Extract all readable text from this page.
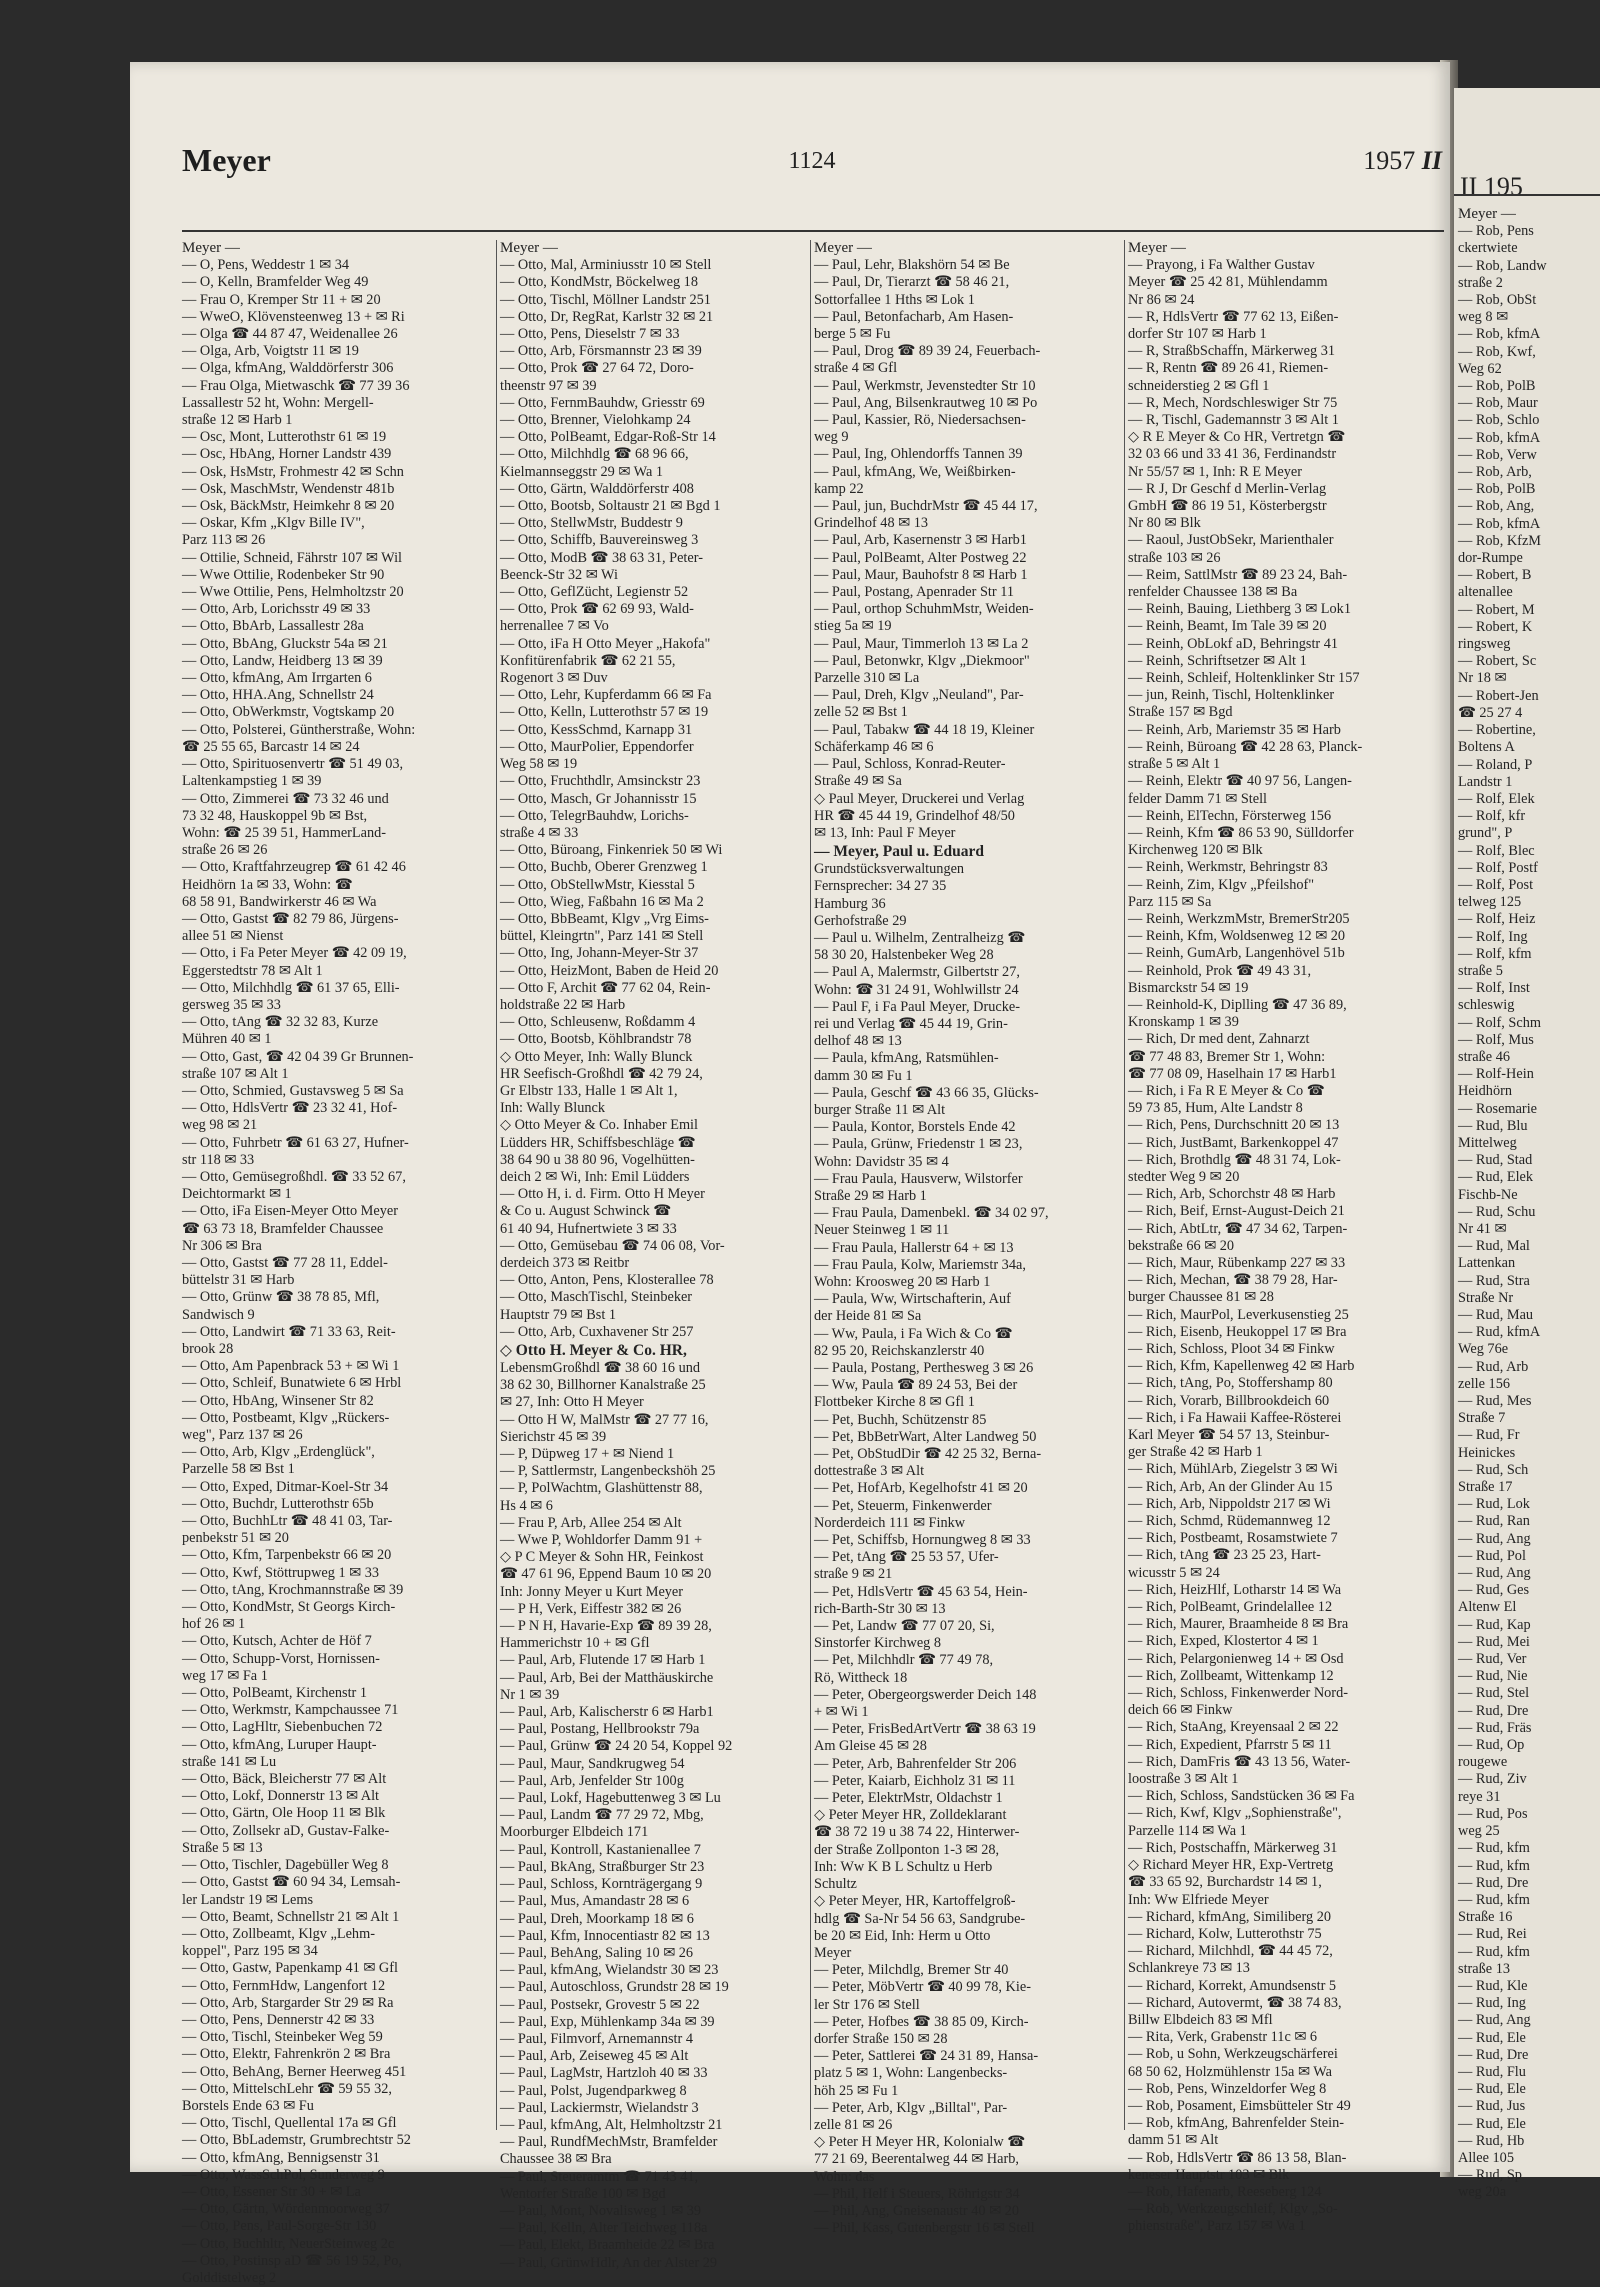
Meyer	1124	1957 II
Meyer —
— O, Pens, Weddestr 1 ✉ 34
— O, Kelln, Bramfelder Weg 49
— Frau O, Kremper Str 11 + ✉ 20
— WweO, Klövensteenweg 13 + ✉ Ri
— Olga ☎ 44 87 47, Weidenallee 26
— Olga, Arb, Voigtstr 11 ✉ 19
— Olga, kfmAng, Walddörferstr 306
— Frau Olga, Mietwaschk ☎ 77 39 36
Lassallestr 52 ht, Wohn: Mergell-
straße 12 ✉ Harb 1
— Osc, Mont, Lutterothstr 61 ✉ 19
— Osc, HbAng, Horner Landstr 439
— Osk, HsMstr, Frohmestr 42 ✉ Schn
— Osk, MaschMstr, Wendenstr 481b
— Osk, BäckMstr, Heimkehr 8 ✉ 20
— Oskar, Kfm „Klgv Bille IV",
Parz 113 ✉ 26
— Ottilie, Schneid, Fährstr 107 ✉ Wil
— Wwe Ottilie, Rodenbeker Str 90
— Wwe Ottilie, Pens, Helmholtzstr 20
— Otto, Arb, Lorichsstr 49 ✉ 33
— Otto, BbArb, Lassallestr 28a
— Otto, BbAng, Gluckstr 54a ✉ 21
— Otto, Landw, Heidberg 13 ✉ 39
— Otto, kfmAng, Am Irrgarten 6
— Otto, HHA.Ang, Schnellstr 24
— Otto, ObWerkmstr, Vogtskamp 20
— Otto, Polsterei, Güntherstraße, Wohn:
☎ 25 55 65, Barcastr 14 ✉ 24
— Otto, Spirituosenvertr ☎ 51 49 03,
Laltenkampstieg 1 ✉ 39
— Otto, Zimmerei ☎ 73 32 46 und
73 32 48, Hauskoppel 9b ✉ Bst,
Wohn: ☎ 25 39 51, HammerLand-
straße 26 ✉ 26
— Otto, Kraftfahrzeugrep ☎ 61 42 46
Heidhörn 1a ✉ 33, Wohn: ☎
68 58 91, Bandwirkerstr 46 ✉ Wa
— Otto, Gastst ☎ 82 79 86, Jürgens-
allee 51 ✉ Nienst
— Otto, i Fa Peter Meyer ☎ 42 09 19,
Eggerstedtstr 78 ✉ Alt 1
— Otto, Milchhdlg ☎ 61 37 65, Elli-
gersweg 35 ✉ 33
— Otto, tAng ☎ 32 32 83, Kurze
Mühren 40 ✉ 1
— Otto, Gast, ☎ 42 04 39 Gr Brunnen-
straße 107 ✉ Alt 1
— Otto, Schmied, Gustavsweg 5 ✉ Sa
— Otto, HdlsVertr ☎ 23 32 41, Hof-
weg 98 ✉ 21
— Otto, Fuhrbetr ☎ 61 63 27, Hufner-
str 118 ✉ 33
— Otto, Gemüsegroßhdl. ☎ 33 52 67,
Deichtormarkt ✉ 1
— Otto, iFa Eisen-Meyer Otto Meyer
☎ 63 73 18, Bramfelder Chaussee
Nr 306 ✉ Bra
— Otto, Gastst ☎ 77 28 11, Eddel-
büttelstr 31 ✉ Harb
— Otto, Grünw ☎ 38 78 85, Mfl,
Sandwisch 9
— Otto, Landwirt ☎ 71 33 63, Reit-
brook 28
— Otto, Am Papenbrack 53 + ✉ Wi 1
— Otto, Schleif, Bunatwiete 6 ✉ Hrbl
— Otto, HbAng, Winsener Str 82
— Otto, Postbeamt, Klgv „Rückers-
weg", Parz 137 ✉ 26
— Otto, Arb, Klgv „Erdenglück",
Parzelle 58 ✉ Bst 1
— Otto, Exped, Ditmar-Koel-Str 34
— Otto, Buchdr, Lutterothstr 65b
— Otto, BuchhLtr ☎ 48 41 03, Tar-
penbekstr 51 ✉ 20
— Otto, Kfm, Tarpenbekstr 66 ✉ 20
— Otto, Kwf, Stöttrupweg 1 ✉ 33
— Otto, tAng, Krochmannstraße ✉ 39
— Otto, KondMstr, St Georgs Kirch-
hof 26 ✉ 1
— Otto, Kutsch, Achter de Höf 7
— Otto, Schupp-Vorst, Hornissen-
weg 17 ✉ Fa 1
— Otto, PolBeamt, Kirchenstr 1
— Otto, Werkmstr, Kampchaussee 71
— Otto, LagHltr, Siebenbuchen 72
— Otto, kfmAng, Luruper Haupt-
straße 141 ✉ Lu
— Otto, Bäck, Bleicherstr 77 ✉ Alt
— Otto, Lokf, Donnerstr 13 ✉ Alt
— Otto, Gärtn, Ole Hoop 11 ✉ Blk
— Otto, Zollsekr aD, Gustav-Falke-
Straße 5 ✉ 13
— Otto, Tischler, Dagebüller Weg 8
— Otto, Gastst ☎ 60 94 34, Lemsah-
ler Landstr 19 ✉ Lems
— Otto, Beamt, Schnellstr 21 ✉ Alt 1
— Otto, Zollbeamt, Klgv „Lehm-
koppel", Parz 195 ✉ 34
— Otto, Gastw, Papenkamp 41 ✉ Gfl
— Otto, FernmHdw, Langenfort 12
— Otto, Arb, Stargarder Str 29 ✉ Ra
— Otto, Pens, Dennerstr 42 ✉ 33
— Otto, Tischl, Steinbeker Weg 59
— Otto, Elektr, Fahrenkrön 2 ✉ Bra
— Otto, BehAng, Berner Heerweg 451
— Otto, MittelschLehr ☎ 59 55 32,
Borstels Ende 63 ✉ Fu
— Otto, Tischl, Quellental 17a ✉ Gfl
— Otto, BbLademstr, Grumbrechtstr 52
— Otto, kfmAng, Bennigsenstr 31
— Otto, WassSchPol, Sunderweg 9
— Otto, Essener Str 30 + ✉ La
— Otto, Gärtn, Wördenmoorweg 37
— Otto, Pens, Paul-Sorge-Str 130
— Otto, Buchhltr, NeuerSteinweg 2c
— Otto, Postinsp aD ☎ 56 19 52, Po,
Golddistelweg 2
Meyer —
— Otto, Mal, Arminiusstr 10 ✉ Stell
— Otto, KondMstr, Böckelweg 18
— Otto, Tischl, Möllner Landstr 251
— Otto, Dr, RegRat, Karlstr 32 ✉ 21
— Otto, Pens, Dieselstr 7 ✉ 33
— Otto, Arb, Försmannstr 23 ✉ 39
— Otto, Prok ☎ 27 64 72, Doro-
theenstr 97 ✉ 39
— Otto, FernmBauhdw, Griesstr 69
— Otto, Brenner, Vielohkamp 24
— Otto, PolBeamt, Edgar-Roß-Str 14
— Otto, Milchhdlg ☎ 68 96 66,
Kielmannseggstr 29 ✉ Wa 1
— Otto, Gärtn, Walddörferstr 408
— Otto, Bootsb, Soltaustr 21 ✉ Bgd 1
— Otto, StellwMstr, Buddestr 9
— Otto, Schiffb, Bauvereinsweg 3
— Otto, ModB ☎ 38 63 31, Peter-
Beenck-Str 32 ✉ Wi
— Otto, GeflZücht, Legienstr 52
— Otto, Prok ☎ 62 69 93, Wald-
herrenallee 7 ✉ Vo
— Otto, iFa H Otto Meyer „Hakofa"
Konfitürenfabrik ☎ 62 21 55,
Rogenort 3 ✉ Duv
— Otto, Lehr, Kupferdamm 66 ✉ Fa
— Otto, Kelln, Lutterothstr 57 ✉ 19
— Otto, KessSchmd, Karnapp 31
— Otto, MaurPolier, Eppendorfer
Weg 58 ✉ 19
— Otto, Fruchthdlr, Amsinckstr 23
— Otto, Masch, Gr Johannisstr 15
— Otto, TelegrBauhdw, Lorichs-
straße 4 ✉ 33
— Otto, Büroang, Finkenriek 50 ✉ Wi
— Otto, Buchb, Oberer Grenzweg 1
— Otto, ObStellwMstr, Kiesstal 5
— Otto, Wieg, Faßbahn 16 ✉ Ma 2
— Otto, BbBeamt, Klgv „Vrg Eims-
büttel, Kleingrtn", Parz 141 ✉ Stell
— Otto, Ing, Johann-Meyer-Str 37
— Otto, HeizMont, Baben de Heid 20
— Otto F, Archit ☎ 77 62 04, Rein-
holdstraße 22 ✉ Harb
— Otto, Schleusenw, Roßdamm 4
— Otto, Bootsb, Köhlbrandstr 78
◇ Otto Meyer, Inh: Wally Blunck
HR Seefisch-Großhdl ☎ 42 79 24,
Gr Elbstr 133, Halle 1 ✉ Alt 1,
Inh: Wally Blunck
◇ Otto Meyer & Co. Inhaber Emil
Lüdders HR, Schiffsbeschläge ☎
38 64 90 u 38 80 96, Vogelhütten-
deich 2 ✉ Wi, Inh: Emil Lüdders
— Otto H, i. d. Firm. Otto H Meyer
& Co u. August Schwinck ☎
61 40 94, Hufnertwiete 3 ✉ 33
— Otto, Gemüsebau ☎ 74 06 08, Vor-
derdeich 373 ✉ Reitbr
— Otto, Anton, Pens, Klosterallee 78
— Otto, MaschTischl, Steinbeker
Hauptstr 79 ✉ Bst 1
— Otto, Arb, Cuxhavener Str 257
◇ Otto H. Meyer & Co. HR,
LebensmGroßhdl ☎ 38 60 16 und
38 62 30, Billhorner Kanalstraße 25
✉ 27, Inh: Otto H Meyer
— Otto H W, MalMstr ☎ 27 77 16,
Sierichstr 45 ✉ 39
— P, Düpweg 17 + ✉ Niend 1
— P, Sattlermstr, Langenbeckshöh 25
— P, PolWachtm, Glashüttenstr 88,
Hs 4 ✉ 6
— Frau P, Arb, Allee 254 ✉ Alt
— Wwe P, Wohldorfer Damm 91 +
◇ P C Meyer & Sohn HR, Feinkost
☎ 47 61 96, Eppend Baum 10 ✉ 20
Inh: Jonny Meyer u Kurt Meyer
— P H, Verk, Eiffestr 382 ✉ 26
— P N H, Havarie-Exp ☎ 89 39 28,
Hammerichstr 10 + ✉ Gfl
— Paul, Arb, Flutende 17 ✉ Harb 1
— Paul, Arb, Bei der Matthäuskirche
Nr 1 ✉ 39
— Paul, Arb, Kalischerstr 6 ✉ Harb1
— Paul, Postang, Hellbrookstr 79a
— Paul, Grünw ☎ 24 20 54, Koppel 92
— Paul, Maur, Sandkrugweg 54
— Paul, Arb, Jenfelder Str 100g
— Paul, Lokf, Hagebuttenweg 3 ✉ Lu
— Paul, Landm ☎ 77 29 72, Mbg,
Moorburger Elbdeich 171
— Paul, Kontroll, Kastanienallee 7
— Paul, BkAng, Straßburger Str 23
— Paul, Schloss, Kornträgergang 9
— Paul, Mus, Amandastr 28 ✉ 6
— Paul, Dreh, Moorkamp 18 ✉ 6
— Paul, Kfm, Innocentiastr 82 ✉ 13
— Paul, BehAng, Saling 10 ✉ 26
— Paul, kfmAng, Wielandstr 30 ✉ 23
— Paul, Autoschloss, Grundstr 28 ✉ 19
— Paul, Postsekr, Grovestr 5 ✉ 22
— Paul, Exp, Mühlenkamp 34a ✉ 39
— Paul, Filmvorf, Arnemannstr 4
— Paul, Arb, Zeiseweg 45 ✉ Alt
— Paul, LagMstr, Hartzloh 40 ✉ 33
— Paul, Polst, Jugendparkweg 8
— Paul, Lackiermstr, Wielandstr 3
— Paul, kfmAng, Alt, Helmholtzstr 21
— Paul, RundfMechMstr, Bramfelder
Chaussee 38 ✉ Bra
— Paul, Steueramtm ☎ 71 43 41,
Wentorfer Straße 100 ✉ Bgd
— Paul, Mont, Novalisweg 1 ✉ 39
— Paul, Kelln, Alter Teichweg 118a
— Paul, Elekt, Braamheide 22 ✉ Bra
— Paul, GrünwHdlr, An der Alster 29
Meyer —
— Paul, Lehr, Blakshörn 54 ✉ Be
— Paul, Dr, Tierarzt ☎ 58 46 21,
Sottorfallee 1 Hths ✉ Lok 1
— Paul, Betonfacharb, Am Hasen-
berge 5 ✉ Fu
— Paul, Drog ☎ 89 39 24, Feuerbach-
straße 4 ✉ Gfl
— Paul, Werkmstr, Jevenstedter Str 10
— Paul, Ang, Bilsenkrautweg 10 ✉ Po
— Paul, Kassier, Rö, Niedersachsen-
weg 9
— Paul, Ing, Ohlendorffs Tannen 39
— Paul, kfmAng, We, Weißbirken-
kamp 22
— Paul, jun, BuchdrMstr ☎ 45 44 17,
Grindelhof 48 ✉ 13
— Paul, Arb, Kasernenstr 3 ✉ Harb1
— Paul, PolBeamt, Alter Postweg 22
— Paul, Maur, Bauhofstr 8 ✉ Harb 1
— Paul, Postang, Apenrader Str 11
— Paul, orthop SchuhmMstr, Weiden-
stieg 5a ✉ 19
— Paul, Maur, Timmerloh 13 ✉ La 2
— Paul, Betonwkr, Klgv „Diekmoor"
Parzelle 310 ✉ La
— Paul, Dreh, Klgv „Neuland", Par-
zelle 52 ✉ Bst 1
— Paul, Tabakw ☎ 44 18 19, Kleiner
Schäferkamp 46 ✉ 6
— Paul, Schloss, Konrad-Reuter-
Straße 49 ✉ Sa
◇ Paul Meyer, Druckerei und Verlag
HR ☎ 45 44 19, Grindelhof 48/50
✉ 13, Inh: Paul F Meyer
— Meyer, Paul u. Eduard
Grundstücksverwaltungen
Fernsprecher: 34 27 35
Hamburg 36
Gerhofstraße 29
— Paul u. Wilhelm, Zentralheizg ☎
58 30 20, Halstenbeker Weg 28
— Paul A, Malermstr, Gilbertstr 27,
Wohn: ☎ 31 24 91, Wohlwillstr 24
— Paul F, i Fa Paul Meyer, Drucke-
rei und Verlag ☎ 45 44 19, Grin-
delhof 48 ✉ 13
— Paula, kfmAng, Ratsmühlen-
damm 30 ✉ Fu 1
— Paula, Geschf ☎ 43 66 35, Glücks-
burger Straße 11 ✉ Alt
— Paula, Kontor, Borstels Ende 42
— Paula, Grünw, Friedenstr 1 ✉ 23,
Wohn: Davidstr 35 ✉ 4
— Frau Paula, Hausverw, Wilstorfer
Straße 29 ✉ Harb 1
— Frau Paula, Damenbekl. ☎ 34 02 97,
Neuer Steinweg 1 ✉ 11
— Frau Paula, Hallerstr 64 + ✉ 13
— Frau Paula, Kolw, Mariemstr 34a,
Wohn: Kroosweg 20 ✉ Harb 1
— Paula, Ww, Wirtschafterin, Auf
der Heide 81 ✉ Sa
— Ww, Paula, i Fa Wich & Co ☎
82 95 20, Reichskanzlerstr 40
— Paula, Postang, Perthesweg 3 ✉ 26
— Ww, Paula ☎ 89 24 53, Bei der
Flottbeker Kirche 8 ✉ Gfl 1
— Pet, Buchh, Schützenstr 85
— Pet, BbBetrWart, Alter Landweg 50
— Pet, ObStudDir ☎ 42 25 32, Berna-
dottestraße 3 ✉ Alt
— Pet, HofArb, Kegelhofstr 41 ✉ 20
— Pet, Steuerm, Finkenwerder
Norderdeich 111 ✉ Finkw
— Pet, Schiffsb, Hornungweg 8 ✉ 33
— Pet, tAng ☎ 25 53 57, Ufer-
straße 9 ✉ 21
— Pet, HdlsVertr ☎ 45 63 54, Hein-
rich-Barth-Str 30 ✉ 13
— Pet, Landw ☎ 77 07 20, Si,
Sinstorfer Kirchweg 8
— Pet, Milchhdlr ☎ 77 49 78,
Rö, Wittheck 18
— Peter, Obergeorgswerder Deich 148
+ ✉ Wi 1
— Peter, FrisBedArtVertr ☎ 38 63 19
Am Gleise 45 ✉ 28
— Peter, Arb, Bahrenfelder Str 206
— Peter, Kaiarb, Eichholz 31 ✉ 11
— Peter, ElektrMstr, Oldachstr 1
◇ Peter Meyer HR, Zolldeklarant
☎ 38 72 19 u 38 74 22, Hinterwer-
der Straße Zollponton 1-3 ✉ 28,
Inh: Ww K B L Schultz u Herb
Schultz
◇ Peter Meyer, HR, Kartoffelgroß-
hdlg ☎ Sa-Nr 54 56 63, Sandgrube-
be 20 ✉ Eid, Inh: Herm u Otto
Meyer
— Peter, Milchdlg, Bremer Str 40
— Peter, MöbVertr ☎ 40 99 78, Kie-
ler Str 176 ✉ Stell
— Peter, Hofbes ☎ 38 85 09, Kirch-
dorfer Straße 150 ✉ 28
— Peter, Sattlerei ☎ 24 31 89, Hansa-
platz 5 ✉ 1, Wohn: Langenbecks-
höh 25 ✉ Fu 1
— Peter, Arb, Klgv „Billtal", Par-
zelle 81 ✉ 26
◇ Peter H Meyer HR, Kolonialw ☎
77 21 69, Beerentalweg 44 ✉ Harb,
Wohn: das
— Phil, Helf i Steuers, Röhrigstr 34
— Phil, Ang, Gneisenaustr 40 ✉ 20
— Phil, Kass, Gutenbergstr 16 ✉ Stell
Meyer —
— Prayong, i Fa Walther Gustav
Meyer ☎ 25 42 81, Mühlendamm
Nr 86 ✉ 24
— R, HdlsVertr ☎ 77 62 13, Eißen-
dorfer Str 107 ✉ Harb 1
— R, StraßbSchaffn, Märkerweg 31
— R, Rentn ☎ 89 26 41, Riemen-
schneiderstieg 2 ✉ Gfl 1
— R, Mech, Nordschleswiger Str 75
— R, Tischl, Gademannstr 3 ✉ Alt 1
◇ R E Meyer & Co HR, Vertretgn ☎
32 03 66 und 33 41 36, Ferdinandstr
Nr 55/57 ✉ 1, Inh: R E Meyer
— R J, Dr Geschf d Merlin-Verlag
GmbH ☎ 86 19 51, Kösterbergstr
Nr 80 ✉ Blk
— Raoul, JustObSekr, Marienthaler
straße 103 ✉ 26
— Reim, SattlMstr ☎ 89 23 24, Bah-
renfelder Chaussee 138 ✉ Ba
— Reinh, Bauing, Liethberg 3 ✉ Lok1
— Reinh, Beamt, Im Tale 39 ✉ 20
— Reinh, ObLokf aD, Behringstr 41
— Reinh, Schriftsetzer ✉ Alt 1
— Reinh, Schleif, Holtenklinker Str 157
— jun, Reinh, Tischl, Holtenklinker
Straße 157 ✉ Bgd
— Reinh, Arb, Mariemstr 35 ✉ Harb
— Reinh, Büroang ☎ 42 28 63, Planck-
straße 5 ✉ Alt 1
— Reinh, Elektr ☎ 40 97 56, Langen-
felder Damm 71 ✉ Stell
— Reinh, ElTechn, Försterweg 156
— Reinh, Kfm ☎ 86 53 90, Sülldorfer
Kirchenweg 120 ✉ Blk
— Reinh, Werkmstr, Behringstr 83
— Reinh, Zim, Klgv „Pfeilshof"
Parz 115 ✉ Sa
— Reinh, WerkzmMstr, BremerStr205
— Reinh, Kfm, Woldsenweg 12 ✉ 20
— Reinh, GumArb, Langenhövel 51b
— Reinhold, Prok ☎ 49 43 31,
Bismarckstr 54 ✉ 19
— Reinhold-K, Diplling ☎ 47 36 89,
Kronskamp 1 ✉ 39
— Rich, Dr med dent, Zahnarzt
☎ 77 48 83, Bremer Str 1, Wohn:
☎ 77 08 09, Haselhain 17 ✉ Harb1
— Rich, i Fa R E Meyer & Co ☎
59 73 85, Hum, Alte Landstr 8
— Rich, Pens, Durchschnitt 20 ✉ 13
— Rich, JustBamt, Barkenkoppel 47
— Rich, Brothdlg ☎ 48 31 74, Lok-
stedter Weg 9 ✉ 20
— Rich, Arb, Schorchstr 48 ✉ Harb
— Rich, Beif, Ernst-August-Deich 21
— Rich, AbtLtr, ☎ 47 34 62, Tarpen-
bekstraße 66 ✉ 20
— Rich, Maur, Rübenkamp 227 ✉ 33
— Rich, Mechan, ☎ 38 79 28, Har-
burger Chaussee 81 ✉ 28
— Rich, MaurPol, Leverkusenstieg 25
— Rich, Eisenb, Heukoppel 17 ✉ Bra
— Rich, Schloss, Ploot 34 ✉ Finkw
— Rich, Kfm, Kapellenweg 42 ✉ Harb
— Rich, tAng, Po, Stoffershamp 80
— Rich, Vorarb, Billbrookdeich 60
— Rich, i Fa Hawaii Kaffee-Rösterei
Karl Meyer ☎ 54 57 13, Steinbur-
ger Straße 42 ✉ Harb 1
— Rich, MühlArb, Ziegelstr 3 ✉ Wi
— Rich, Arb, An der Glinder Au 15
— Rich, Arb, Nippoldstr 217 ✉ Wi
— Rich, Schmd, Rüdemannweg 12
— Rich, Postbeamt, Rosamstwiete 7
— Rich, tAng ☎ 23 25 23, Hart-
wicusstr 5 ✉ 24
— Rich, HeizHlf, Lotharstr 14 ✉ Wa
— Rich, PolBeamt, Grindelallee 12
— Rich, Maurer, Braamheide 8 ✉ Bra
— Rich, Exped, Klostertor 4 ✉ 1
— Rich, Pelargonienweg 14 + ✉ Osd
— Rich, Zollbeamt, Wittenkamp 12
— Rich, Schloss, Finkenwerder Nord-
deich 66 ✉ Finkw
— Rich, StaAng, Kreyensaal 2 ✉ 22
— Rich, Expedient, Pfarrstr 5 ✉ 11
— Rich, DamFris ☎ 43 13 56, Water-
loostraße 3 ✉ Alt 1
— Rich, Schloss, Sandstücken 36 ✉ Fa
— Rich, Kwf, Klgv „Sophienstraße",
Parzelle 114 ✉ Wa 1
— Rich, Postschaffn, Märkerweg 31
◇ Richard Meyer HR, Exp-Vertretg
☎ 33 65 92, Burchardstr 14 ✉ 1,
Inh: Ww Elfriede Meyer
— Richard, kfmAng, Similiberg 20
— Richard, Kolw, Lutterothstr 75
— Richard, Milchhdl, ☎ 44 45 72,
Schlankreye 73 ✉ 13
— Richard, Korrekt, Amundsenstr 5
— Richard, Autovermt, ☎ 38 74 83,
Billw Elbdeich 83 ✉ Mfl
— Rita, Verk, Grabenstr 11c ✉ 6
— Rob, u Sohn, Werkzeugschärferei
68 50 62, Holzmühlenstr 15a ✉ Wa
— Rob, Pens, Winzeldorfer Weg 8
— Rob, Posament, Eimsbütteler Str 49
— Rob, kfmAng, Bahrenfelder Stein-
damm 51 ✉ Alt
— Rob, HdlsVertr ☎ 86 13 58, Blan-
keneser Hauptstr 103 ✉ Blk
— Rob, Hafenarb, Reeseberg 124
— Rob, Werkzeugschleif, Klgv „So-
phienstraße", Parz 157 ✉ Wa 1
II 195
Meyer —
— Rob, Pens
ckertwiete
— Rob, Landw
straße 2
— Rob, ObSt
weg 8 ✉
— Rob, kfmA
— Rob, Kwf,
Weg 62
— Rob, PolB
— Rob, Maur
— Rob, Schlo
— Rob, kfmA
— Rob, Verw
— Rob, Arb,
— Rob, PolB
— Rob, Ang,
— Rob, kfmA
— Rob, KfzM
dor-Rumpe
— Robert, B
altenallee
— Robert, M
— Robert, K
ringsweg
— Robert, Sc
Nr 18 ✉
— Robert-Jen
☎ 25 27 4
— Robertine,
Boltens A
— Roland, P
Landstr 1
— Rolf, Elek
— Rolf, kfr
grund", P
— Rolf, Blec
— Rolf, Postf
— Rolf, Post
telweg 125
— Rolf, Heiz
— Rolf, Ing
— Rolf, kfm
straße 5
— Rolf, Inst
schleswig
— Rolf, Schm
— Rolf, Mus
straße 46
— Rolf-Hein
Heidhörn
— Rosemarie
— Rud, Blu
Mittelweg
— Rud, Stad
— Rud, Elek
Fischb-Ne
— Rud, Schu
Nr 41 ✉
— Rud, Mal
Lattenkan
— Rud, Stra
Straße Nr
— Rud, Mau
— Rud, kfmA
Weg 76e
— Rud, Arb
zelle 156
— Rud, Mes
Straße 7
— Rud, Fr
Heinickes
— Rud, Sch
Straße 17
— Rud, Lok
— Rud, Ran
— Rud, Ang
— Rud, Pol
— Rud, Ang
— Rud, Ges
Altenw El
— Rud, Kap
— Rud, Mei
— Rud, Ver
— Rud, Nie
— Rud, Stel
— Rud, Dre
— Rud, Fräs
— Rud, Op
rougewe
— Rud, Ziv
reye 31
— Rud, Pos
weg 25
— Rud, kfm
— Rud, kfm
— Rud, Dre
— Rud, kfm
Straße 16
— Rud, Rei
— Rud, kfm
straße 13
— Rud, Kle
— Rud, Ing
— Rud, Ang
— Rud, Ele
— Rud, Dre
— Rud, Flu
— Rud, Ele
— Rud, Jus
— Rud, Ele
— Rud, Hb
Allee 105
— Rud, Sp
weg 20a
